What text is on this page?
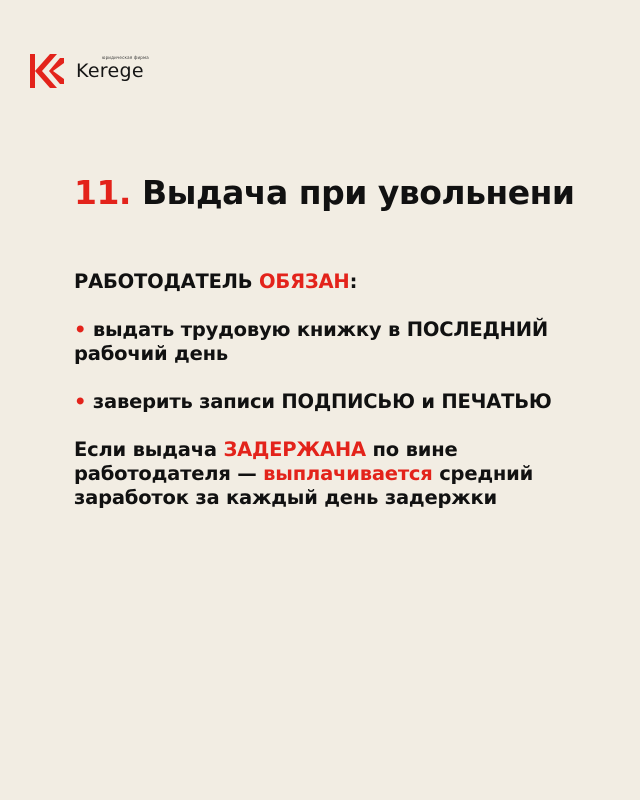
юридическая фирма
Kerege
11. Выдача при увольнени

РАБОТОДАТЕЛЬ ОБЯЗАН:

• выдать трудовую книжку в ПОСЛЕДНИЙ рабочий день

• заверить записи ПОДПИСЬЮ и ПЕЧАТЬЮ

Если выдача ЗАДЕРЖАНА по вине работодателя — выплачивается средний заработок за каждый день задержки
